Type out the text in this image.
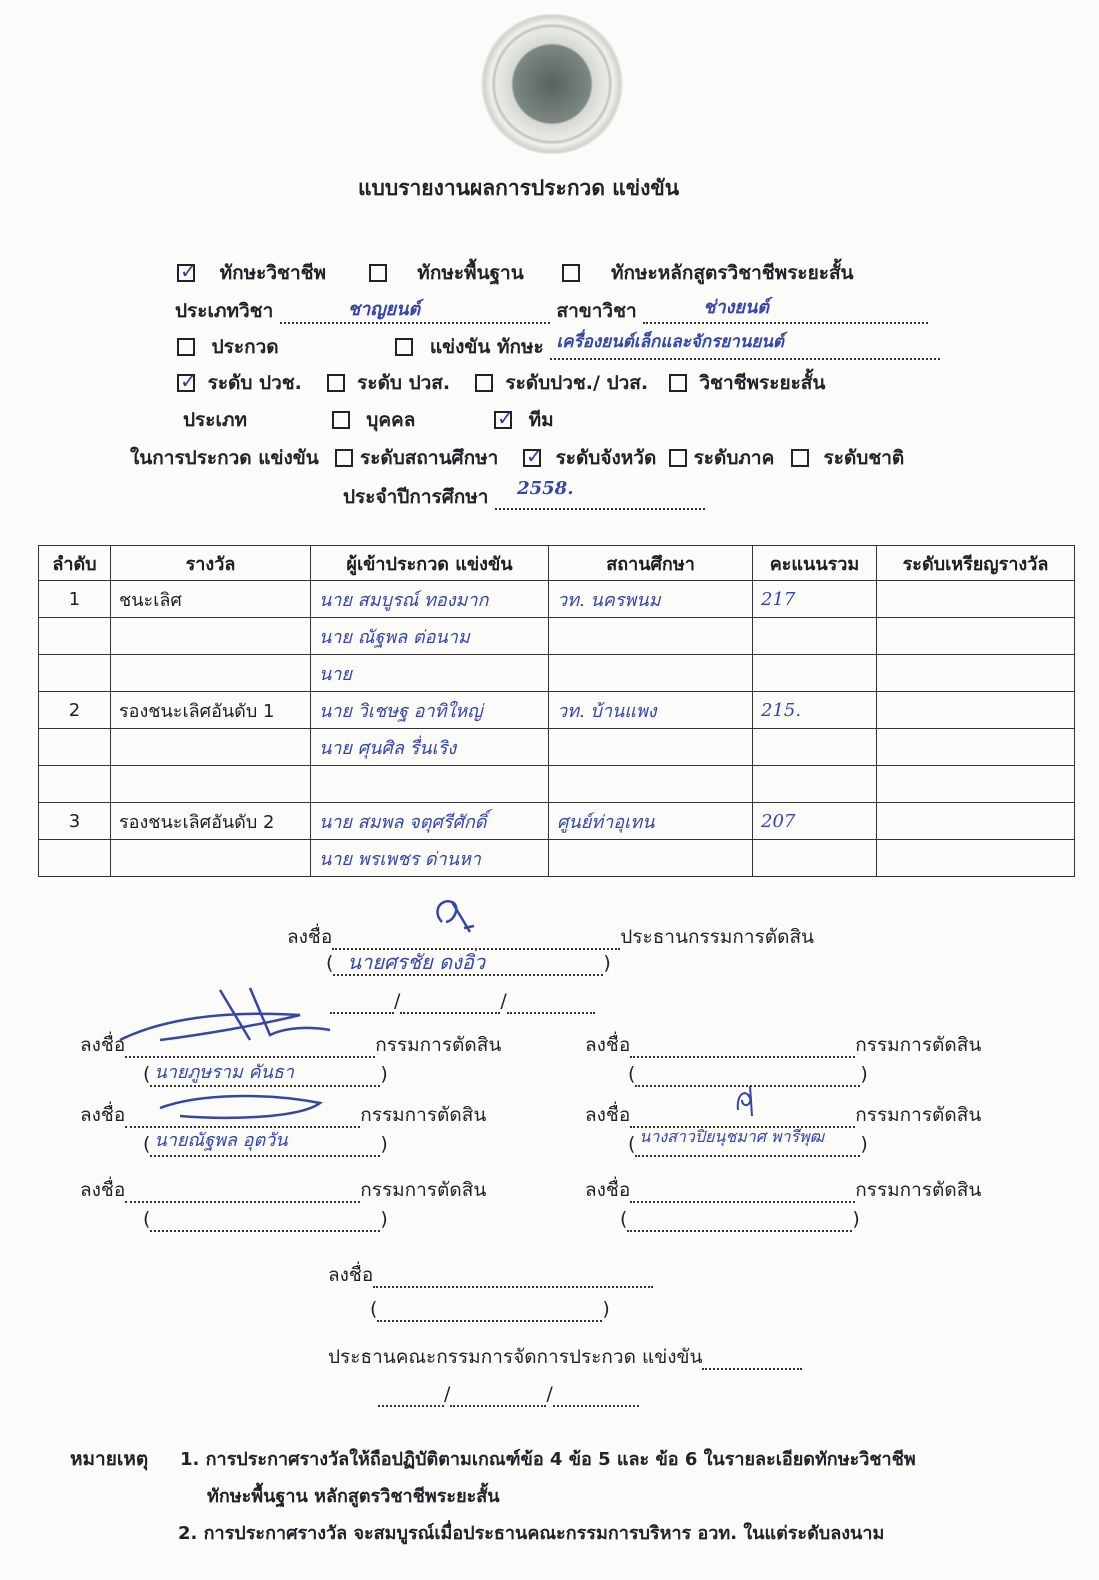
แบบรายงานผลการประกวด แข่งขัน
✓ ทักษะวิชาชีพ	ทักษะพื้นฐาน	ทักษะหลักสูตรวิชาชีพระยะสั้น
ประเภทวิชา	ชาญยนต์	สาขาวิชา	ช่างยนต์

ประกวด	แข่งขัน ทักษะ เครื่องยนต์เล็กและจักรยานยนต์

✓ ระดับ ปวช.	ระดับ ปวส.	ระดับปวช./ ปวส.	วิชาชีพระยะสั้น
ประเภท	บุคคล	✓ ทีม
ในการประกวด แข่งขัน ระดับสถานศึกษา ✓ ระดับจังหวัด ระดับภาค	ระดับชาติ
ประจำปีการศึกษา 2558.

ลำดับ	รางวัล	ผู้เข้าประกวด แข่งขัน	สถานศึกษา	คะแนนรวม	ระดับเหรียญรางวัล
1	ชนะเลิศ	นาย สมบูรณ์ ทองมาก	วท. นครพนม	217	
		นาย ณัฐพล ต่อนาม			
		นาย			
2	รองชนะเลิศอันดับ 1	นาย วิเชษฐ อาทิใหญ่	วท. บ้านแพง	215.	
		นาย ศุนศิล รื่นเริง			

3	รองชนะเลิศอันดับ 2	นาย สมพล จตุศรีศักดิ์	ศูนย์ท่าอุเทน	207	
		นาย พรเพชร ด่านหา			
ลงชื่อ	ประธานกรรมการตัดสิน
( นายศรชัย ดงอิ่ว	)
/	/
ลงชื่อ	กรรมการตัดสิน
( นายภูษราม คันธา	)
ลงชื่อ	กรรมการตัดสิน
(	)
ลงชื่อ	กรรมการตัดสิน
( นายณัฐพล อุตวัน	)
ลงชื่อ	กรรมการตัดสิน
( นางสาวปิยนุชมาศ พารีพุฒ )
ลงชื่อ	กรรมการตัดสิน
(	)
ลงชื่อ	กรรมการตัดสิน
(	)
ลงชื่อ
(	)
ประธานคณะกรรมการจัดการประกวด แข่งขัน
/	/
หมายเหตุ 1. การประกาศรางวัลให้ถือปฏิบัติตามเกณฑ์ข้อ 4 ข้อ 5 และ ข้อ 6 ในรายละเอียดทักษะวิชาชีพ
ทักษะพื้นฐาน หลักสูตรวิชาชีพระยะสั้น
2. การประกาศรางวัล จะสมบูรณ์เมื่อประธานคณะกรรมการบริหาร อวท. ในแต่ระดับลงนาม
